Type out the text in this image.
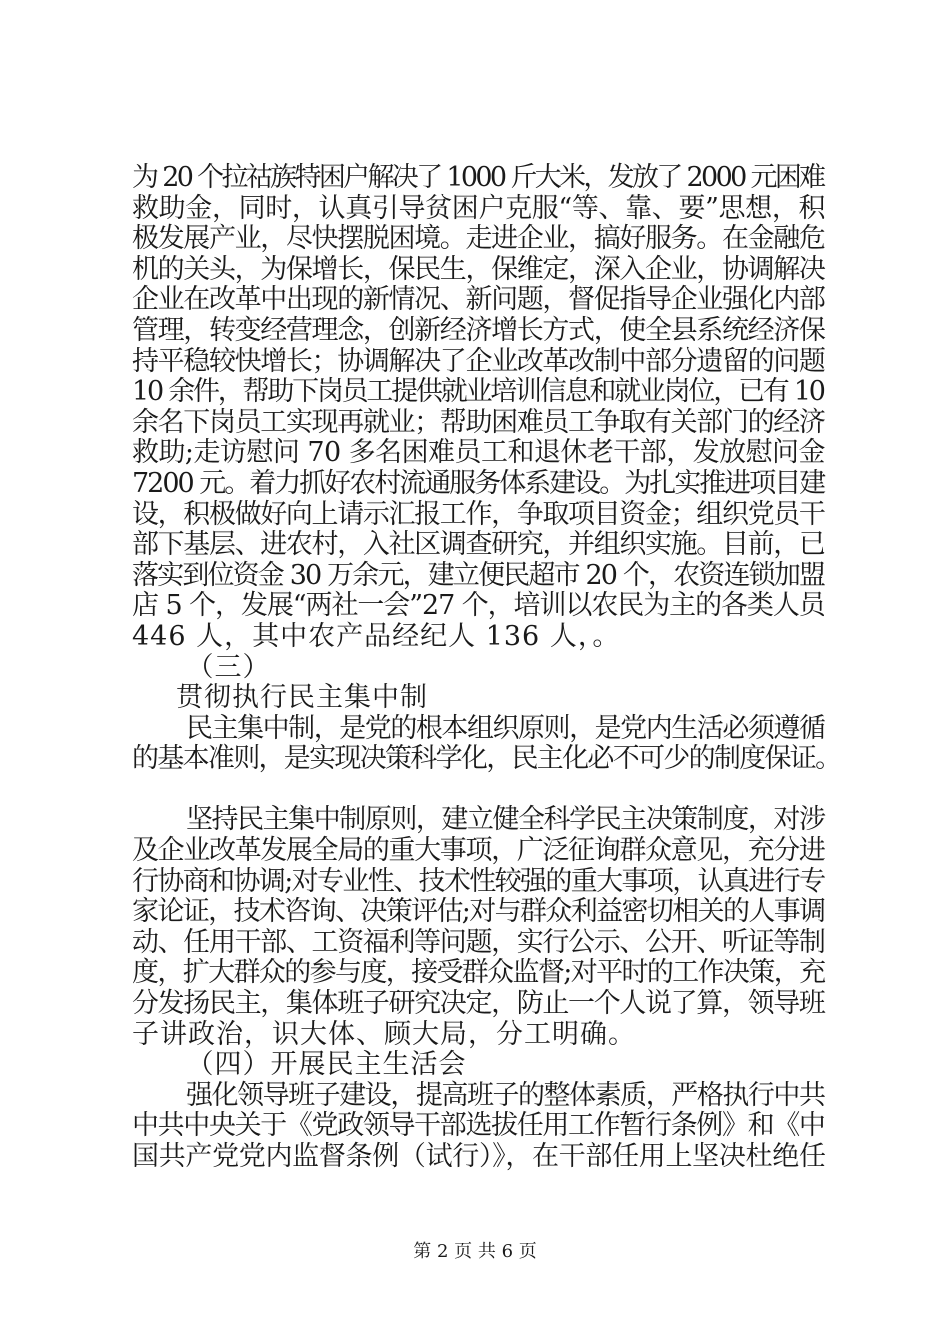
第 2 页 共 6 页
为 20 个拉祜族特困户解决了 1000 斤大米，发放了 2000 元困难
救助金，同时，认真引导贫困户克服“等、靠、要”思想，积
极发展产业，尽快摆脱困境。走进企业，搞好服务。在金融危
机的关头，为保增长，保民生，保维定，深入企业，协调解决
企业在改革中出现的新情况、新问题，督促指导企业强化内部
管理，转变经营理念，创新经济增长方式，使全县系统经济保
持平稳较快增长；协调解决了企业改革改制中部分遗留的问题
10 余件，帮助下岗员工提供就业培训信息和就业岗位，已有 10
余名下岗员工实现再就业；帮助困难员工争取有关部门的经济
救助;走访慰问 70 多名困难员工和退休老干部，发放慰问金
7200 元。着力抓好农村流通服务体系建设。为扎实推进项目建
设，积极做好向上请示汇报工作，争取项目资金；组织党员干
部下基层、进农村，入社区调查研究，并组织实施。目前，已
落实到位资金 30 万余元，建立便民超市 20 个，农资连锁加盟
店 5 个，发展“两社一会”27 个，培训以农民为主的各类人员
446 人，其中农产品经纪人 136 人，。
　（三）
贯彻执行民主集中制
民主集中制，是党的根本组织原则，是党内生活必须遵循
的基本准则，是实现决策科学化，民主化必不可少的制度保证。
坚持民主集中制原则，建立健全科学民主决策制度，对涉
及企业改革发展全局的重大事项，广泛征询群众意见，充分进
行协商和协调;对专业性、技术性较强的重大事项，认真进行专
家论证，技术咨询、决策评估;对与群众利益密切相关的人事调
动、任用干部、工资福利等问题，实行公示、公开、听证等制
度，扩大群众的参与度，接受群众监督;对平时的工作决策，充
分发扬民主，集体班子研究决定，防止一个人说了算，领导班
子讲政治，识大体、顾大局，分工明确。
　（四）开展民主生活会
强化领导班子建设，提高班子的整体素质，严格执行中共
中共中央关于《党政领导干部选拔任用工作暂行条例》和《中
国共产党党内监督条例（试行）》，在干部任用上坚决杜绝任
